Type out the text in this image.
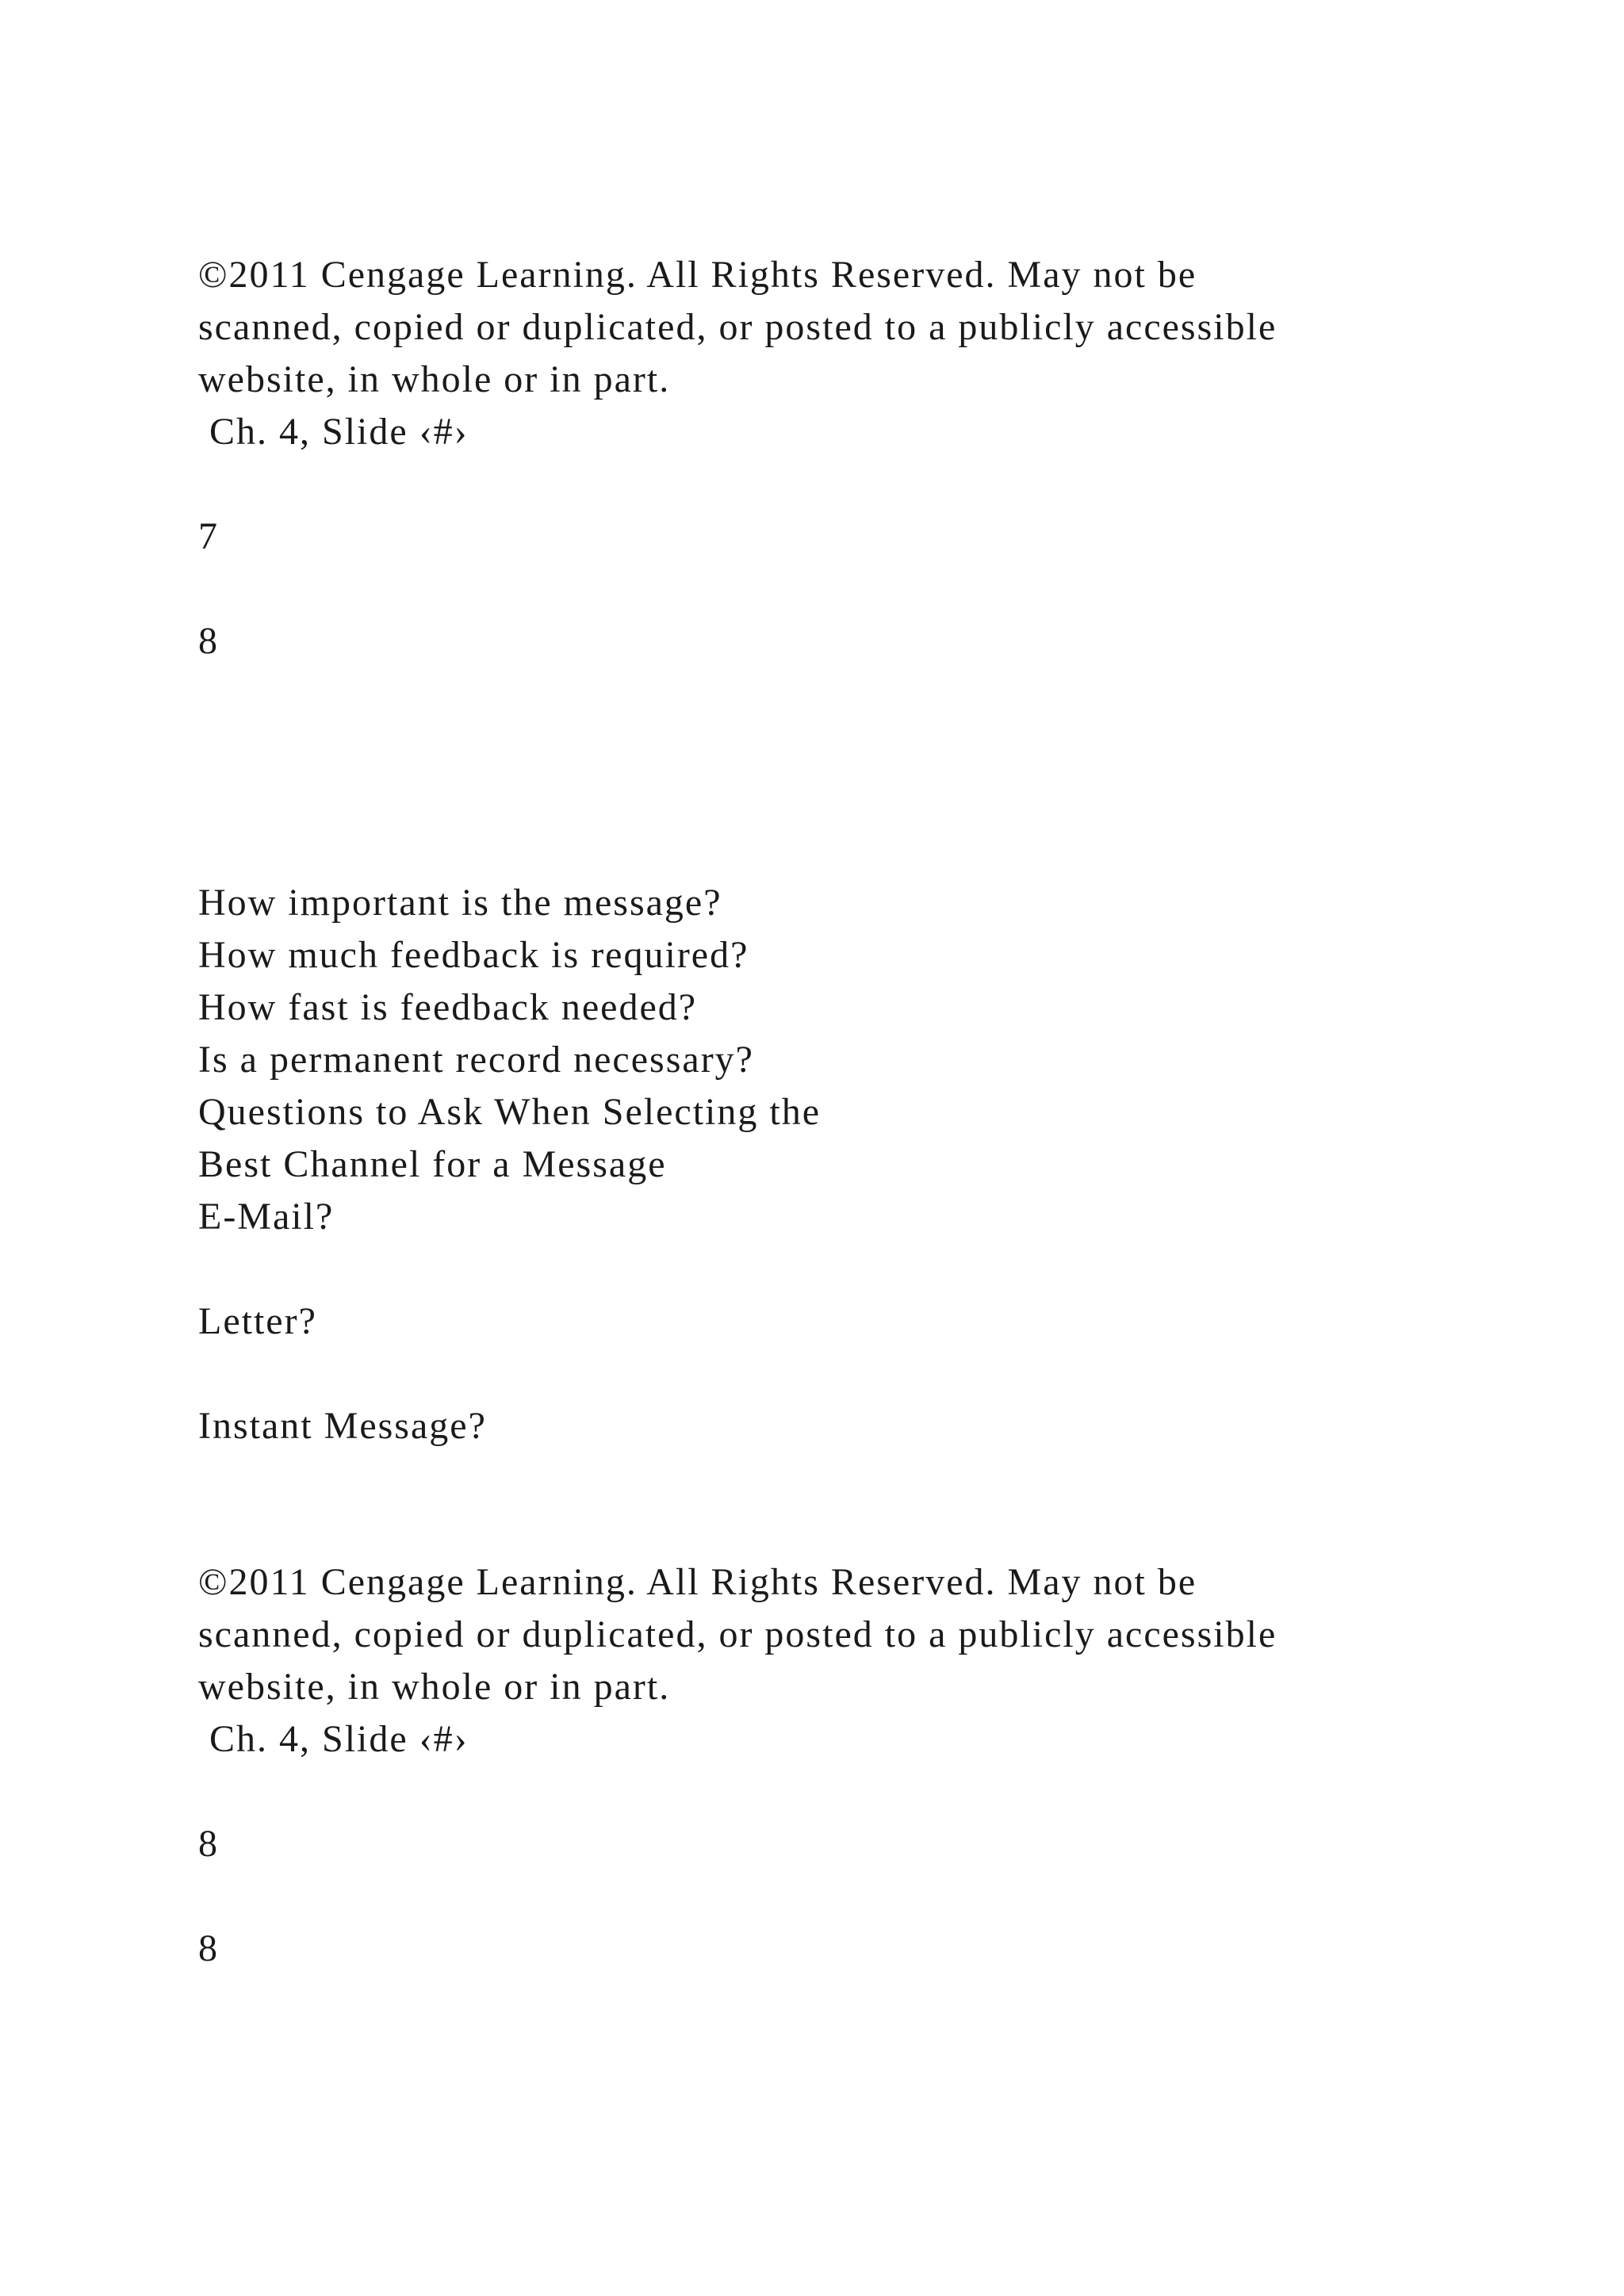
©2011 Cengage Learning. All Rights Reserved. May not be

scanned, copied or duplicated, or posted to a publicly accessible

website, in whole or in part.

Ch. 4, Slide ‹#›

7

8

How important is the message?

How much feedback is required?

How fast is feedback needed?

Is a permanent record necessary?

Questions to Ask When Selecting the

Best Channel for a Message

E-Mail?

Letter?

Instant Message?

©2011 Cengage Learning. All Rights Reserved. May not be

scanned, copied or duplicated, or posted to a publicly accessible

website, in whole or in part.

Ch. 4, Slide ‹#›

8

8
